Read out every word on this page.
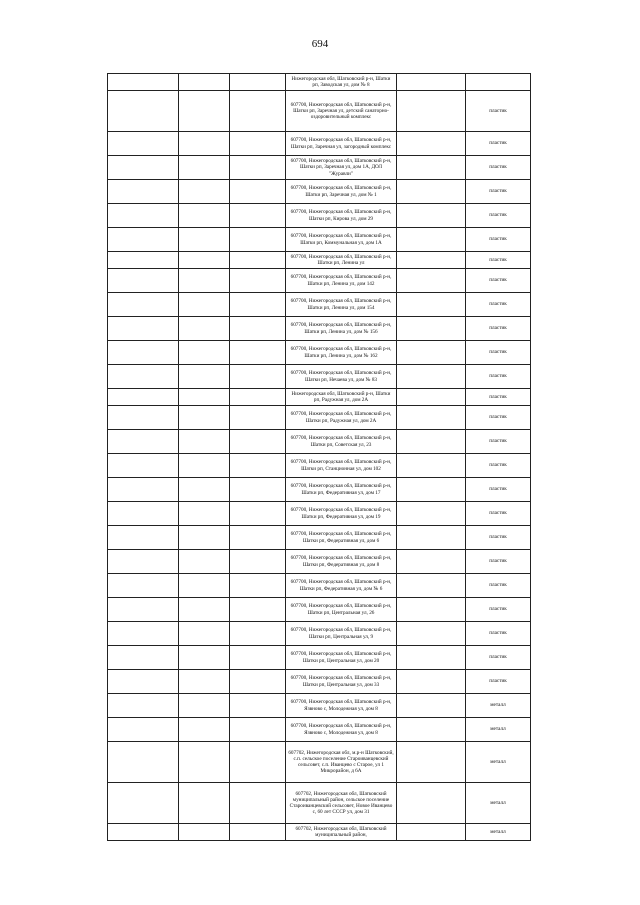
694
			Нижегородская обл, Шатковский р-н, Шатки рп, Заводская ул, дом № 8		
			607700, Нижегородская обл, Шатковский р-н, Шатки рп, Заречная ул, детский санаторно-оздоровительный комплекс		пластик
			607700, Нижегородская обл, Шатковский р-н, Шатки рп, Заречная ул, загородный комплекс		пластик
			607700, Нижегородская обл, Шатковский р-н, Шатки рп, Заречная ул, дом 1А, ДОЛ "Журавли"		пластик
			607700, Нижегородская обл, Шатковский р-н, Шатки рп, Заречная ул, дом № 1		пластик
			607700, Нижегородская обл, Шатковский р-н, Шатки рп, Кирова ул, дом 29		пластик
			607700, Нижегородская обл, Шатковский р-н, Шатки рп, Коммунальная ул, дом 1А		пластик
			607700, Нижегородская обл, Шатковский р-н, Шатки рп, Ленина ул		пластик
			607700, Нижегородская обл, Шатковский р-н, Шатки рп, Ленина ул, дом 142		пластик
			607700, Нижегородская обл, Шатковский р-н, Шатки рп, Ленина ул, дом 154		пластик
			607700, Нижегородская обл, Шатковский р-н, Шатки рп, Ленина ул, дом № 156		пластик
			607700, Нижегородская обл, Шатковский р-н, Шатки рп, Ленина ул, дом № 162		пластик
			607700, Нижегородская обл, Шатковский р-н, Шатки рп, Нечаева ул, дом № 83		пластик
			Нижегородская обл, Шатковский р-н, Шатки рп, Радужная ул, дом 2А		пластик
			607700, Нижегородская обл, Шатковский р-н, Шатки рп, Радужная ул, дом 2А		пластик
			607700, Нижегородская обл, Шатковский р-н, Шатки рп, Советская ул, 23		пластик
			607700, Нижегородская обл, Шатковский р-н, Шатки рп, Станционная ул, дом 102		пластик
			607700, Нижегородская обл, Шатковский р-н, Шатки рп, Федеративная ул, дом 17		пластик
			607700, Нижегородская обл, Шатковский р-н, Шатки рп, Федеративная ул, дом 19		пластик
			607700, Нижегородская обл, Шатковский р-н, Шатки рп, Федеративная ул, дом 6		пластик
			607700, Нижегородская обл, Шатковский р-н, Шатки рп, Федеративная ул, дом 8		пластик
			607700, Нижегородская обл, Шатковский р-н, Шатки рп, Федеративная ул, дом № 6		пластик
			607700, Нижегородская обл, Шатковский р-н, Шатки рп, Центральная ул, 26		пластик
			607700, Нижегородская обл, Шатковский р-н, Шатки рп, Центральная ул, 9		пластик
			607700, Нижегородская обл, Шатковский р-н, Шатки рп, Центральная ул, дом 20		пластик
			607700, Нижегородская обл, Шатковский р-н, Шатки рп, Центральная ул, дом 33		пластик
			607700, Нижегородская обл, Шатковский р-н, Язвново с, Молодежная ул, дом 8		металл
			607700, Нижегородская обл, Шатковский р-н, Язвново с, Молодежная ул, дом 8		металл
			607702, Нижегородская обл, м.р-н Шатковский, с.п. сельское поселение Староиванцевский сельсовет, с.п. Иванцево с Старое, ул 1 Микрорайон, д 6А		металл
			607702, Нижегородская обл, Шатковский муниципальный район, сельское поселение Староиванцевский сельсовет, Новое Иванцево с, 60 лет СССР ул, дом 31		металл
			607702, Нижегородская обл, Шатковский муниципальный район,		металл
